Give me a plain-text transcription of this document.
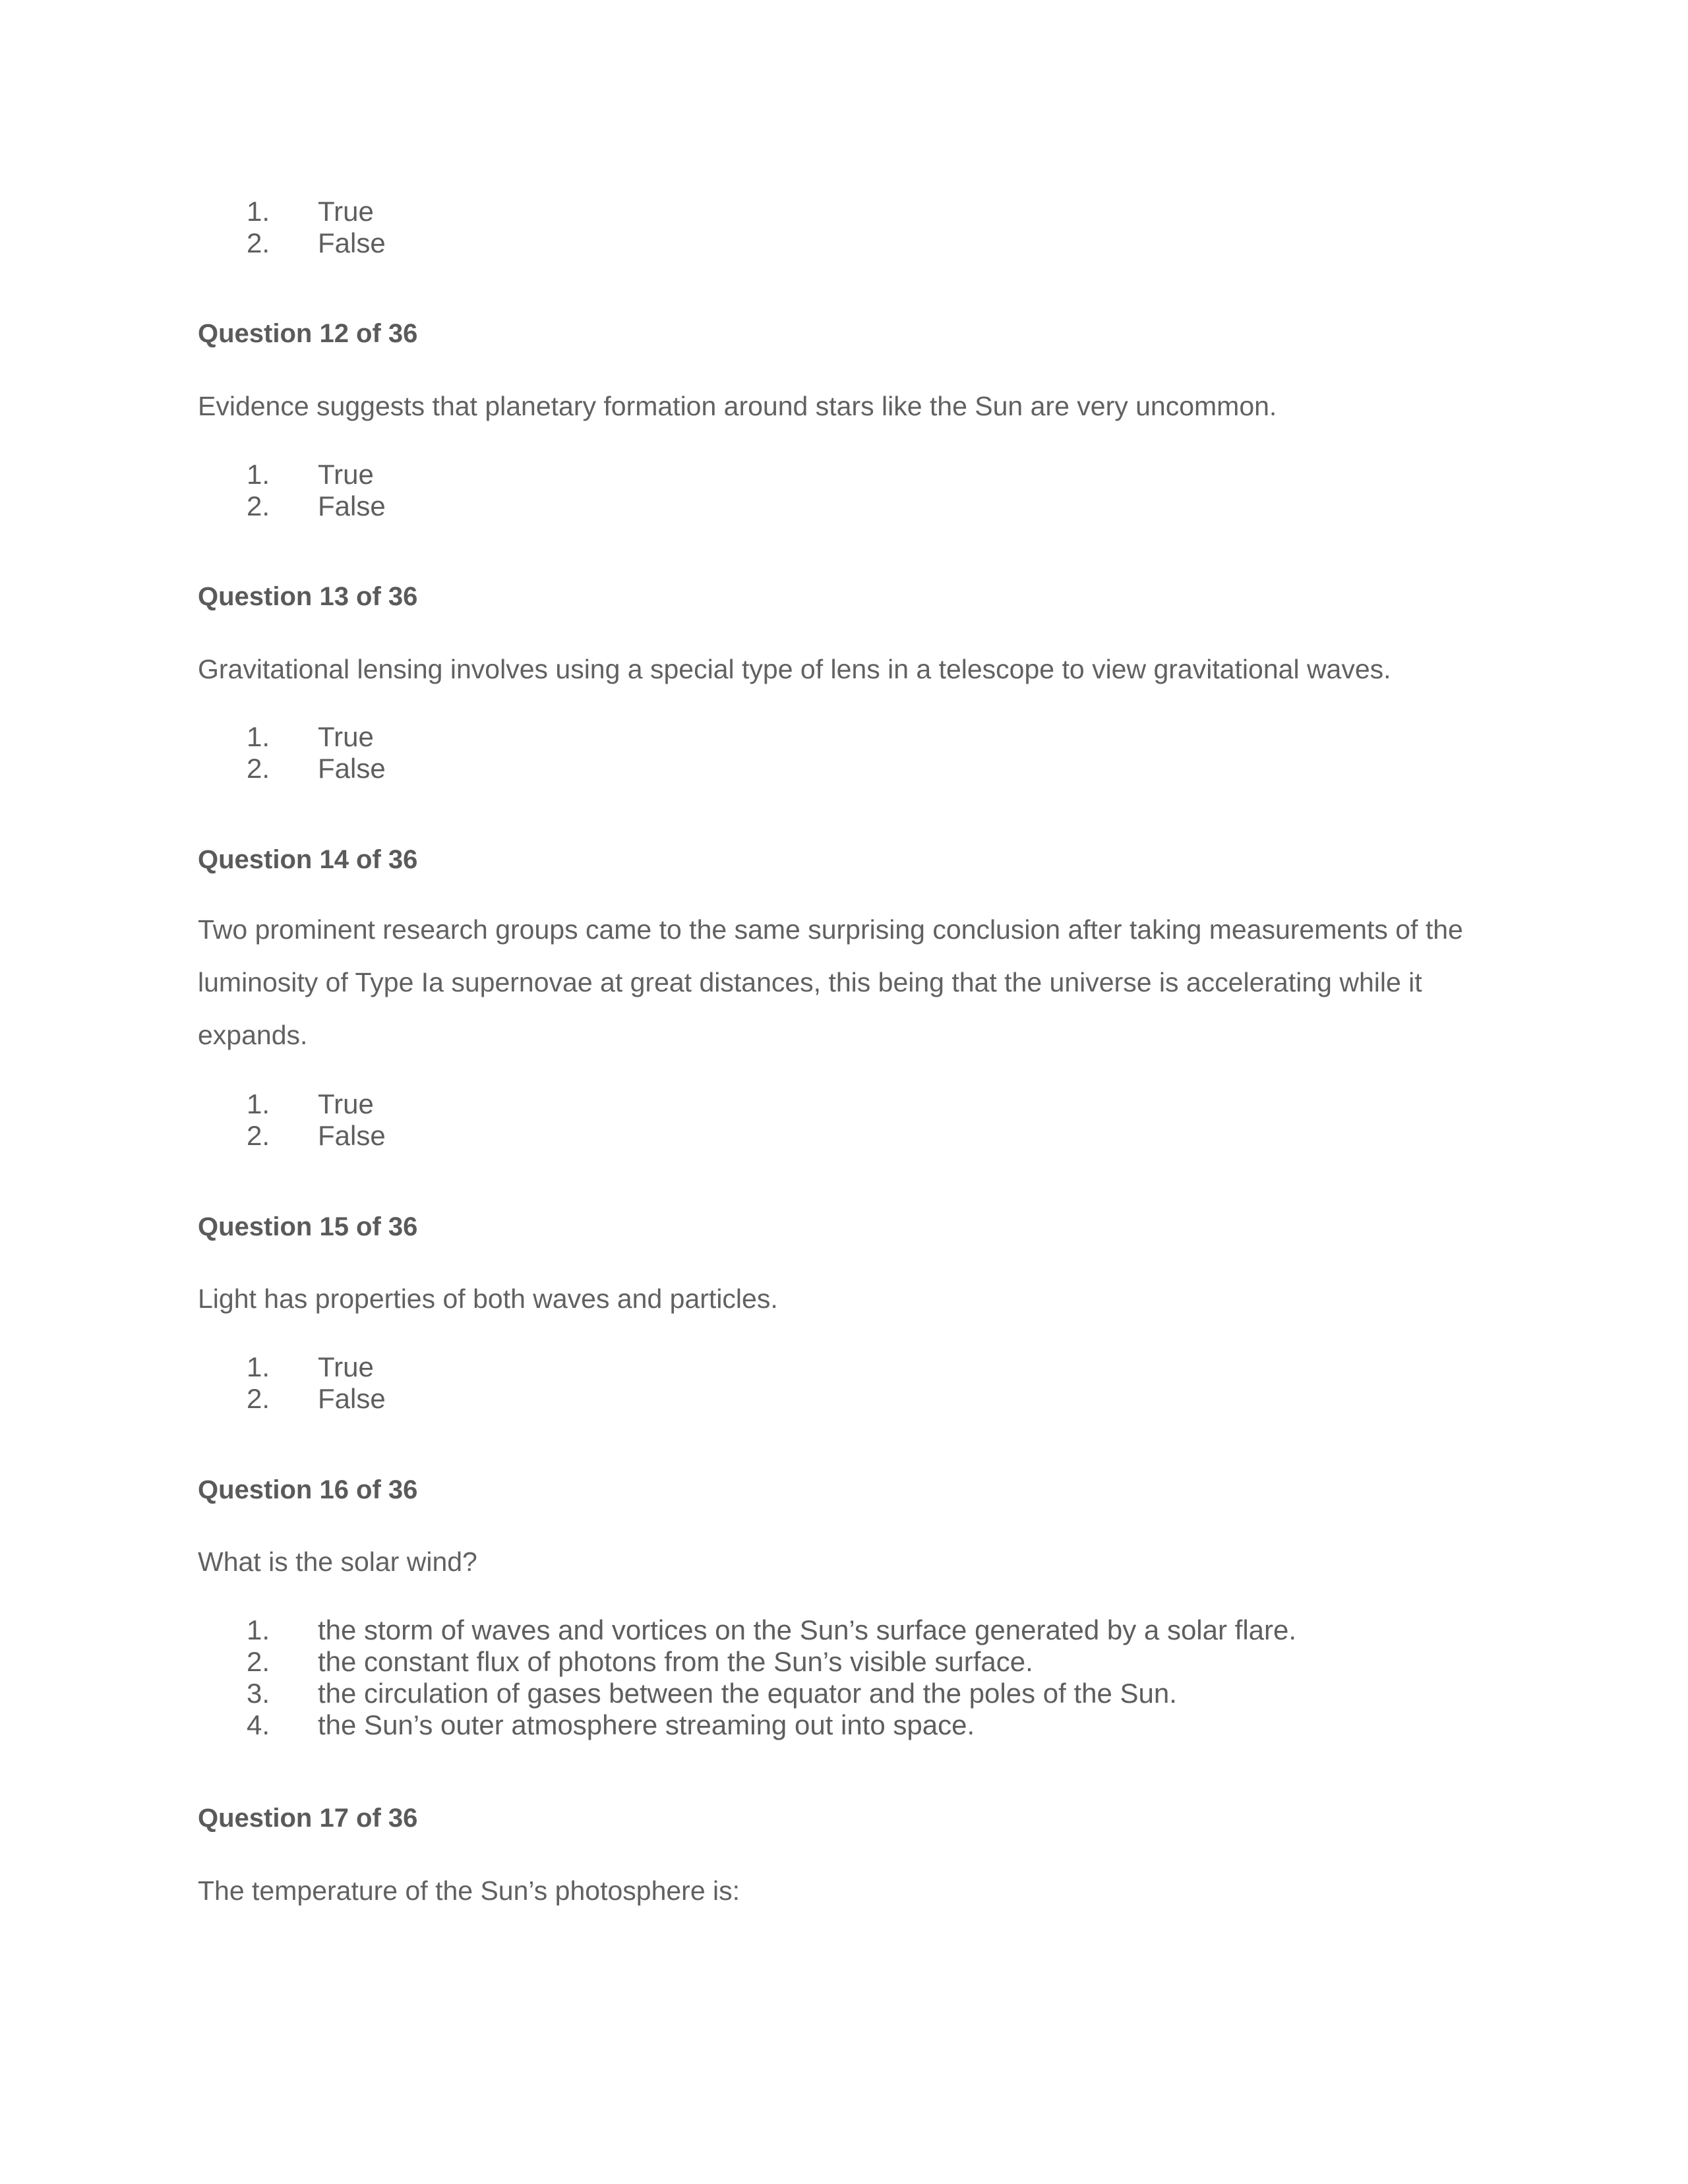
1. True
2. False
Question 12 of 36
Evidence suggests that planetary formation around stars like the Sun are very uncommon.
1. True
2. False
Question 13 of 36
Gravitational lensing involves using a special type of lens in a telescope to view gravitational waves.
1. True
2. False
Question 14 of 36
Two prominent research groups came to the same surprising conclusion after taking measurements of the luminosity of Type Ia supernovae at great distances, this being that the universe is accelerating while it expands.
1. True
2. False
Question 15 of 36
Light has properties of both waves and particles.
1. True
2. False
Question 16 of 36
What is the solar wind?
1. the storm of waves and vortices on the Sun’s surface generated by a solar flare.
2. the constant flux of photons from the Sun’s visible surface.
3. the circulation of gases between the equator and the poles of the Sun.
4. the Sun’s outer atmosphere streaming out into space.
Question 17 of 36
The temperature of the Sun’s photosphere is:
